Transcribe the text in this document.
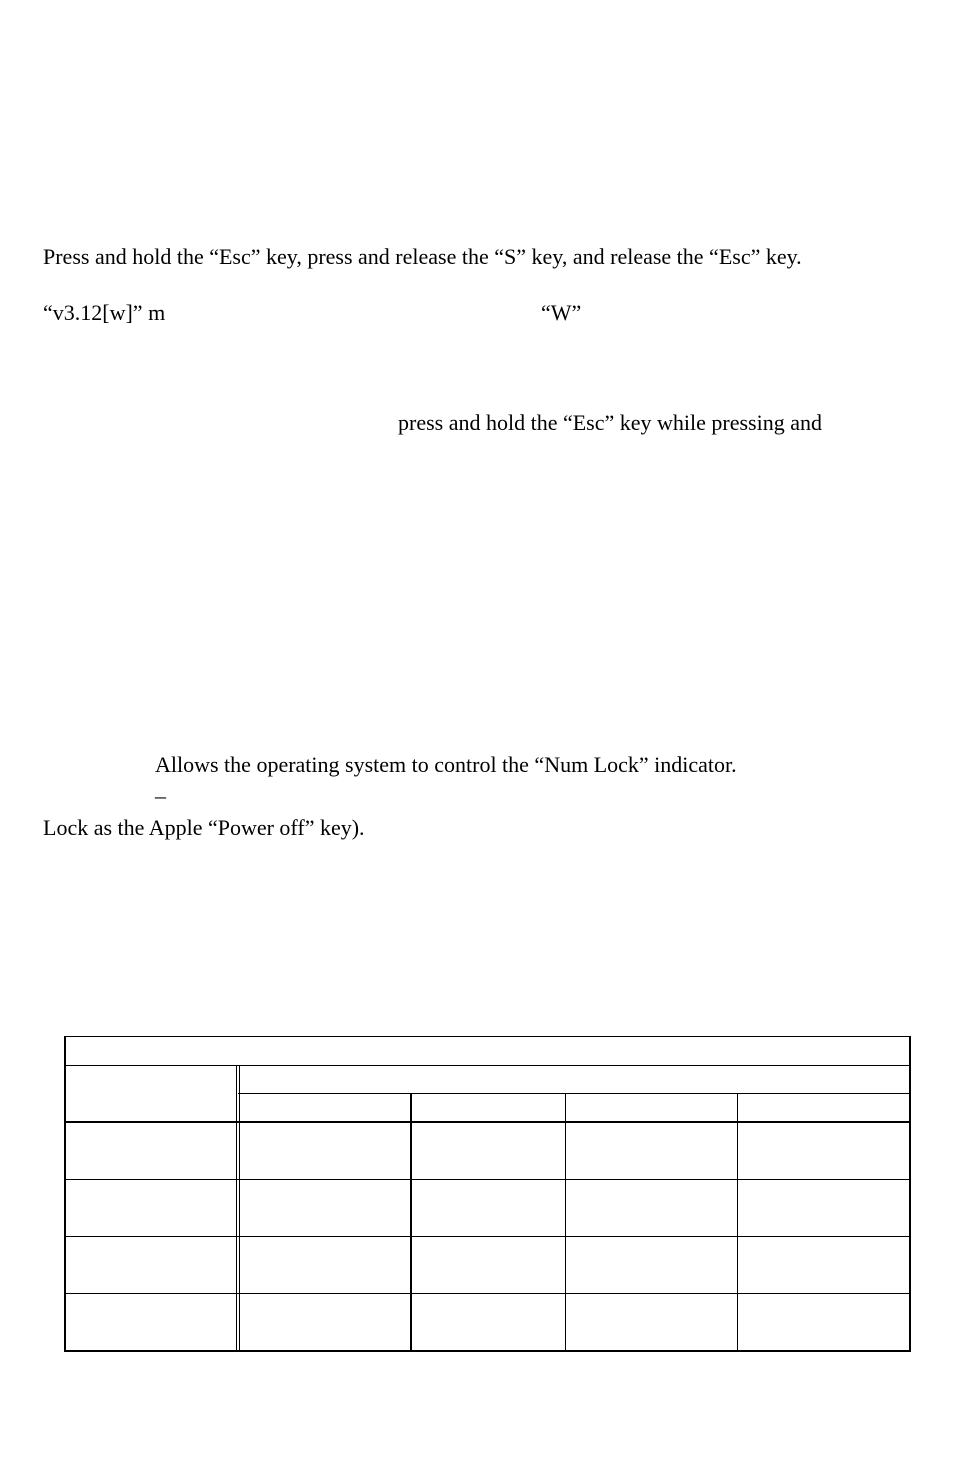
Press and hold the “Esc” key, press and release the “S” key, and release the “Esc” key.
“v3.12[w]” m	“W”
press and hold the “Esc” key while pressing and
Allows the operating system to control the “Num Lock” indicator.
–
Lock as the Apple “Power off” key).
